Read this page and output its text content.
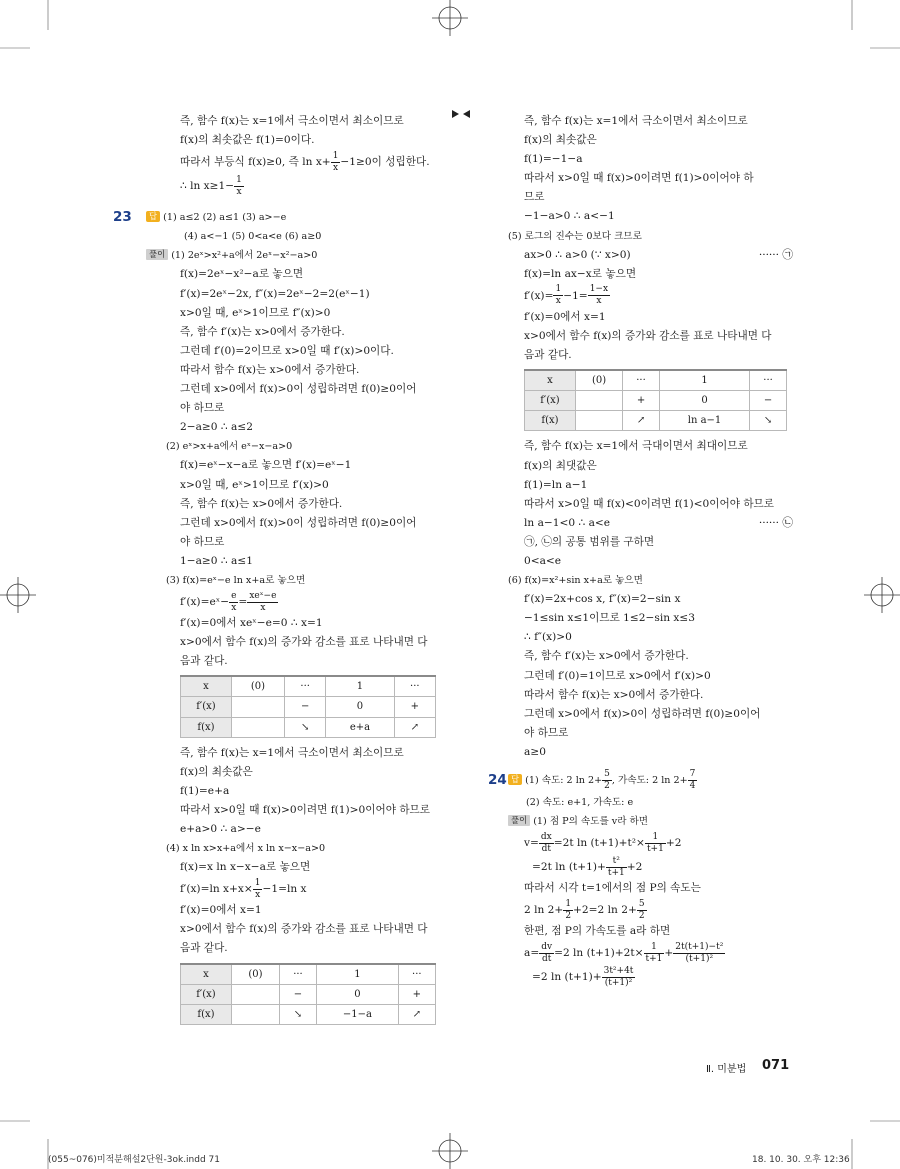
즉, 함수 f(x)는 x=1에서 극소이면서 최소이므로
f(x)의 최솟값은 f(1)=0이다.
따라서 부등식 f(x)≥0, 즉 $\ln x+ \frac{1}{x} -1\ge 0$이 성립한다.
∴ $\ln x\ge 1- \frac{1}{x}$
23 답 (1) a≤2 (2) a≤1 (3) a>−e
(4) a<−1 (5) 0<a<e (6) a≥0
풀이 (1) 2eˣ>x²+a에서 2eˣ−x²−a>0
f(x)=2eˣ−x²−a로 놓으면
f′(x)=2eˣ−2x, f″(x)=2eˣ−2=2(eˣ−1)
x>0일 때, eˣ>1이므로 f″(x)>0
즉, 함수 f′(x)는 x>0에서 증가한다.
그런데 f′(0)=2이므로 x>0일 때 f′(x)>0이다.
따라서 함수 f(x)는 x>0에서 증가한다.
그런데 x>0에서 f(x)>0이 성립하려면 f(0)≥0이어
야 하므로
2−a≥0 ∴ a≤2
(2) eˣ>x+a에서 eˣ−x−a>0
f(x)=eˣ−x−a로 놓으면 f′(x)=eˣ−1
x>0일 때, eˣ>1이므로 f′(x)>0
즉, 함수 f(x)는 x>0에서 증가한다.
그런데 x>0에서 f(x)>0이 성립하려면 f(0)≥0이어
야 하므로
1−a≥0 ∴ a≤1
(3) f(x)=eˣ−e ln x+a로 놓으면
f′(x)=eˣ− $\frac{e}{x} = \frac{\text{xeˣ−e}}{x}$
f′(x)=0에서 xeˣ−e=0 ∴ x=1
x>0에서 함수 f(x)의 증가와 감소를 표로 나타내면 다
음과 같다.
x	(0)	···	1	···
f′(x)		−	0	+
f(x)		↘	e+a	↗
즉, 함수 f(x)는 x=1에서 극소이면서 최소이므로
f(x)의 최솟값은
f(1)=e+a
따라서 x>0일 때 f(x)>0이려면 f(1)>0이어야 하므로
e+a>0 ∴ a>−e
(4) x ln x>x+a에서 x ln x−x−a>0
f(x)=x ln x−x−a로 놓으면
f′(x)=ln $x+x\times \frac{1}{x} -1=\ln$ x
f′(x)=0에서 x=1
x>0에서 함수 f(x)의 증가와 감소를 표로 나타내면 다
음과 같다.
x	(0)	···	1	···
f′(x)		−	0	+
f(x)		↘	−1−a	↗
즉, 함수 f(x)는 x=1에서 극소이면서 최소이므로
f(x)의 최솟값은
f(1)=−1−a
따라서 x>0일 때 f(x)>0이려면 f(1)>0이어야 하
므로
−1−a>0 ∴ a<−1
(5) 로그의 진수는 0보다 크므로
ax>0 ∴ a>0 (∵ x>0)	······ ㉠
f(x)=ln ax−x로 놓으면
$f'(x)= \frac{1}{x} -1= \frac{1-x}{x}$
f′(x)=0에서 x=1
x>0에서 함수 f(x)의 증가와 감소를 표로 나타내면 다
음과 같다.
x	(0)	···	1	···
f′(x)		+	0	−
f(x)		↗	ln a−1	↘
즉, 함수 f(x)는 x=1에서 극대이면서 최대이므로
f(x)의 최댓값은
f(1)=ln a−1
따라서 x>0일 때 f(x)<0이려면 f(1)<0이어야 하므로
ln a−1<0 ∴ a<e	······ ㉡
㉠, ㉡의 공통 범위를 구하면
0<a<e
(6) f(x)=x²+sin x+a로 놓으면
f′(x)=2x+cos x, f″(x)=2−sin x
−1≤sin x≤1이므로 1≤2−sin x≤3
∴ f″(x)>0
즉, 함수 f′(x)는 x>0에서 증가한다.
그런데 f′(0)=1이므로 x>0에서 f′(x)>0
따라서 함수 f(x)는 x>0에서 증가한다.
그런데 x>0에서 f(x)>0이 성립하려면 f(0)≥0이어
야 하므로
a≥0
24 답 (1) 속도: 2 $\ln 2+ \frac{5}{2}$ , 가속도: 2 $\ln 2+ \frac{7}{4}$
(2) 속도: e+1, 가속도: e
풀이 (1) 점 P의 속도를 v라 하면
$v= \frac{dx}{dt} =2t$ $\ln (t+1)+t^2\times \frac{1}{t+1} +2$
=2t $\ln (t+1)+ \frac{\text{t²}}{t+1} +2$
따라서 시각 t=1에서의 점 P의 속도는
2 $\ln 2+ \frac{1}{2} +2=2$ $\ln 2+ \frac{5}{2}$
한편, 점 P의 가속도를 a라 하면
$a= \frac{dv}{dt} =2$ $\ln (t+1)+2t\times \frac{1}{t+1} + \frac{\text{2t(t+1)−t²}}{\text{(t+1)²}}$
=2 $\ln (t+1)+ \frac{\text{3t²+4t}}{\text{(t+1)²}}$
Ⅱ. 미분법 071
(055~076)미적분해설2단원-3ok.indd 71	18. 10. 30. 오후 12:36
